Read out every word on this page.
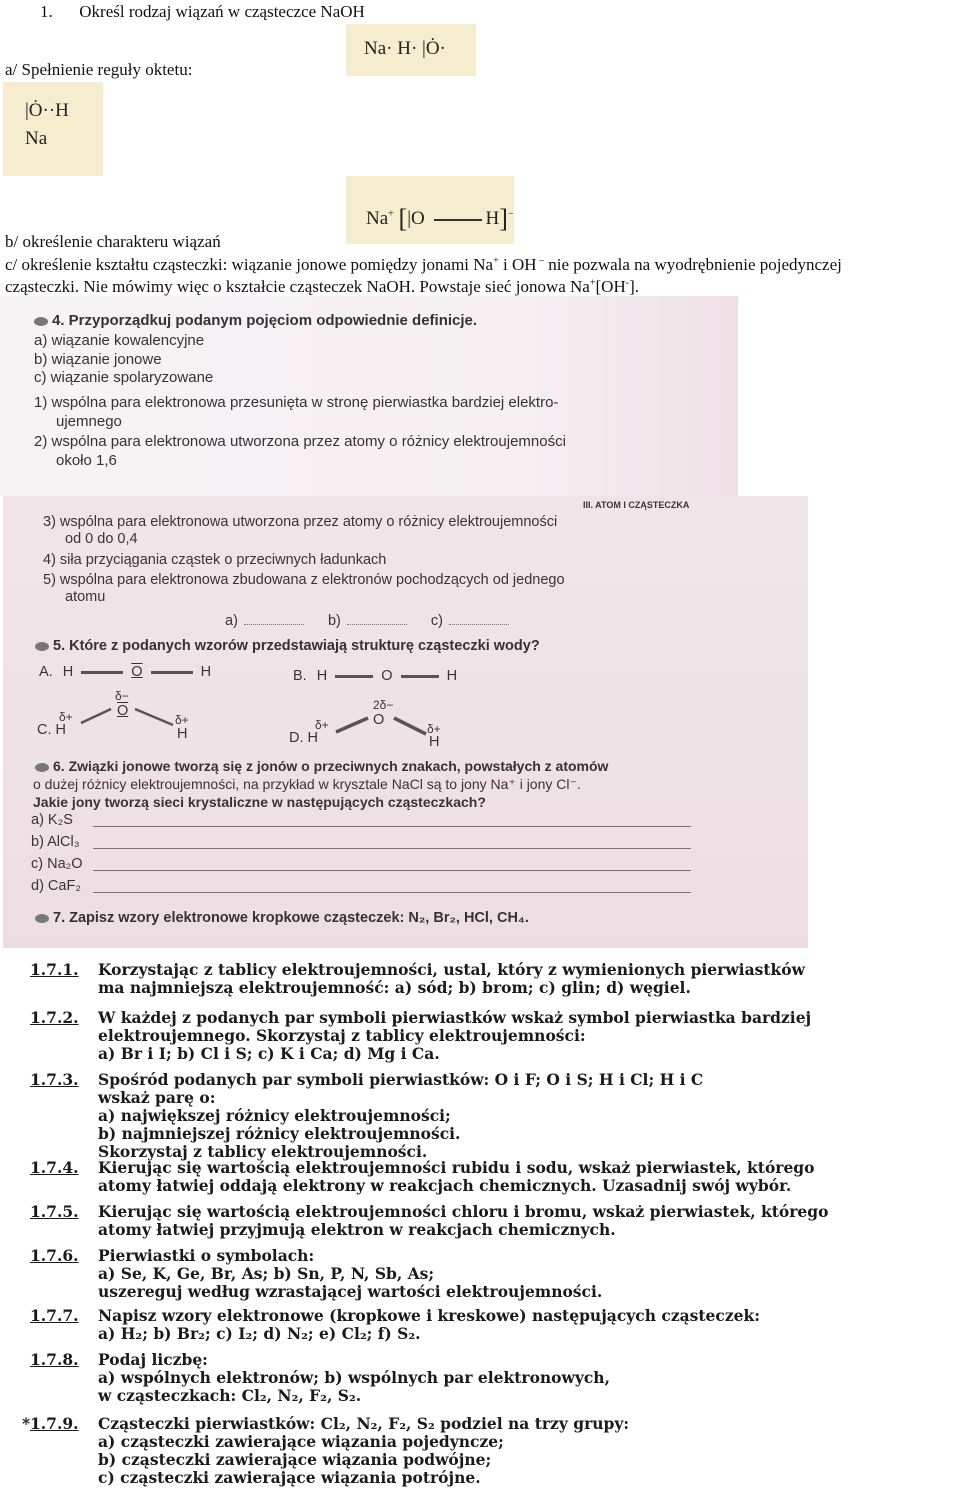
1. Określ rodzaj wiązań w cząsteczce NaOH
Na· H· |Ȯ·
a/ Spełnienie reguły oktetu:
|Ȯ··H
Na
Na+ [|O	H]−
b/ określenie charakteru wiązań
c/ określenie kształtu cząsteczki: wiązanie jonowe pomiędzy jonami Na+ i OH – nie pozwala na wyodrębnienie pojedynczej
cząsteczki. Nie mówimy więc o kształcie cząsteczek NaOH. Powstaje sieć jonowa Na+[OH-].
4. Przyporządkuj podanym pojęciom odpowiednie definicje.
a) wiązanie kowalencyjne
b) wiązanie jonowe
c) wiązanie spolaryzowane
1) wspólna para elektronowa przesunięta w stronę pierwiastka bardziej elektro-
ujemnego
2) wspólna para elektronowa utworzona przez atomy o różnicy elektroujemności
około 1,6
III. ATOM I CZĄSTECZKA
3) wspólna para elektronowa utworzona przez atomy o różnicy elektroujemności
od 0 do 0,4
4) siła przyciągania cząstek o przeciwnych ładunkach
5) wspólna para elektronowa zbudowana z elektronów pochodzących od jednego
atomu
a)	b)	c)
5. Które z podanych wzorów przedstawiają strukturę cząsteczki wody?
A. H	O	H	B. H	O	H
δ−
O
δ+	δ+
C. H	H
2δ−
O
δ+	δ+
D. H	H
6. Związki jonowe tworzą się z jonów o przeciwnych znakach, powstałych z atomów
o dużej różnicy elektroujemności, na przykład w krysztale NaCl są to jony Na⁺ i jony Cl⁻.
Jakie jony tworzą sieci krystaliczne w następujących cząsteczkach?
a) K₂S
b) AlCl₃
c) Na₂O
d) CaF₂
7. Zapisz wzory elektronowe kropkowe cząsteczek: N₂, Br₂, HCl, CH₄.
1.7.1. Korzystając z tablicy elektroujemności, ustal, który z wymienionych pierwiastków
ma najmniejszą elektroujemność: a) sód; b) brom; c) glin; d) węgiel.
1.7.2. W każdej z podanych par symboli pierwiastków wskaż symbol pierwiastka bardziej
elektroujemnego. Skorzystaj z tablicy elektroujemności:
a) Br i I; b) Cl i S; c) K i Ca; d) Mg i Ca.
1.7.3. Spośród podanych par symboli pierwiastków: O i F; O i S; H i Cl; H i C
wskaż parę o:
a) największej różnicy elektroujemności;
b) najmniejszej różnicy elektroujemności.
Skorzystaj z tablicy elektroujemności.
1.7.4. Kierując się wartością elektroujemności rubidu i sodu, wskaż pierwiastek, którego
atomy łatwiej oddają elektrony w reakcjach chemicznych. Uzasadnij swój wybór.
1.7.5. Kierując się wartością elektroujemności chloru i bromu, wskaż pierwiastek, którego
atomy łatwiej przyjmują elektron w reakcjach chemicznych.
1.7.6. Pierwiastki o symbolach:
a) Se, K, Ge, Br, As; b) Sn, P, N, Sb, As;
uszereguj według wzrastającej wartości elektroujemności.
1.7.7. Napisz wzory elektronowe (kropkowe i kreskowe) następujących cząsteczek:
a) H₂; b) Br₂; c) I₂; d) N₂; e) Cl₂; f) S₂.
1.7.8. Podaj liczbę:
a) wspólnych elektronów; b) wspólnych par elektronowych,
w cząsteczkach: Cl₂, N₂, F₂, S₂.
* 1.7.9. Cząsteczki pierwiastków: Cl₂, N₂, F₂, S₂ podziel na trzy grupy:
a) cząsteczki zawierające wiązania pojedyncze;
b) cząsteczki zawierające wiązania podwójne;
c) cząsteczki zawierające wiązania potrójne.
